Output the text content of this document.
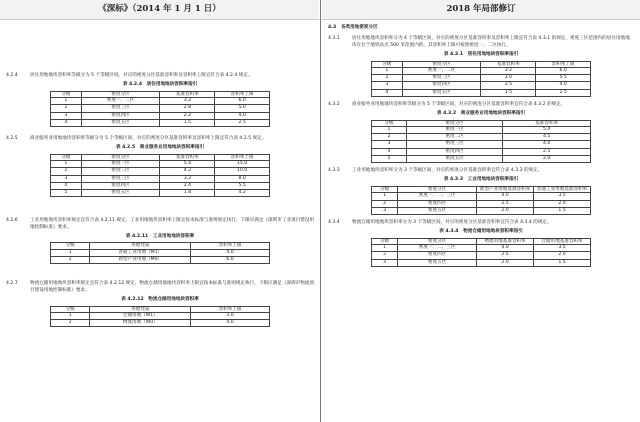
《深标》（2014 年 1 月 1 日）	2018 年局部修订
4.2.4	居住用地地块容积率等级分为 5 个等级区间，对应的密度分区基准容积率及容积率上限宜符合表 4.2.4 规定。
表 4.2.4　居住用地地块容积率指引
分级	密度分区	基准容积率	容积率上限
1	密度一、二区	3.2	6.0
2	密度三区	2.8	5.0
3	密度四区	2.2	4.0
4	密度五区	1.5	2.5
4.2.5	商业服务业用地地块容积率等级分为 5 个等级区间，对应的密度分区基准容积率及容积率上限宜符合表 4.2.5 规定。
表 4.2.5　商业服务业用地地块容积率指引
分级	密度分区	基准容积率	容积率上限
1	密度一区	5.4	15.0
2	密度二区	4.2	10.0
3	密度三区	3.2	8.0
4	密度四区	2.4	5.5
5	密度五区	1.8	4.2
4.2.6	工业用地地块容积率规定宜符合表 4.2.11 规定，工业用地地块容积率上限宜按本标准与准则规定执行，下限应满足《深圳市工业项目建设用地控制标准》要求。
表 4.2.11　工业用地地块容积率
分级	用地性质	容积率上限
1	普通工业用地（M1）	4.0
2	新型产业用地（M0）	6.0
4.2.7	物流仓储用地地块容积率规定宜符合表 4.2.12 规定，物流仓储用地地块容积率上限宜按本标准与准则规定执行，下限应满足《深圳市物流项目建设用地控制标准》要求。
表 4.2.12　物流仓储用地地块容积率
分级	用地性质	容积率上限
1	仓储用地（W1）	3.0
2	物流用地（W0）	4.0
4.3 各类用地密度分区
4.3.1	居住用地地块容积率分为 4 个等级区间，对应的密度分区基准容积率及容积率上限宜符合表 4.3.1 的规定，密度三区范围内的居住用地地块在位于地铁站点 500 米范围内的，其容积率上限可按照密度一、二区执行。
表 4.3.1　居住用地地块容积率指引
分级	密度分区	基准容积率	容积率上限
1	密度一、二区	3.2	6.0
2	密度三区	3.0	5.5
3	密度四区	2.5	4.0
4	密度五区	1.5	2.5
4.3.2	商业服务业用地地块容积率等级分为 5 个等级区间，对应的密度分区基准容积率宜符合表 4.3.2 的规定。
表 4.3.2　商业服务业用地地块容积率指引
分级	密度分区	基准容积率
1	密度一区	5.4
2	密度二区	4.5
3	密度三区	4.0
4	密度四区	2.5
5	密度五区	2.0
4.3.3	工业用地地块容积率分为 3 个等级区间，对应的密度分区基准容积率宜符合表 4.3.3 的规定。
表 4.3.3　工业用地地块容积率指引
分级	密度分区	新型产业用地基准容积率	普通工业用地基准容积率
1	密度一、二、三区	4.0	3.5
2	密度四区	2.5	2.0
3	密度五区	2.0	1.5
4.3.4	物流仓储用地地块容积率分为 3 个等级区间，对应的密度分区基准容积率宜符合表 4.3.4 的规定。
表 4.3.4　物流仓储用地地块容积率指引
分级	密度分区	物流用地基准容积率	仓储用地基准容积率
1	密度一、二、三区	4.0	3.5
2	密度四区	2.5	2.0
3	密度五区	2.0	1.5
